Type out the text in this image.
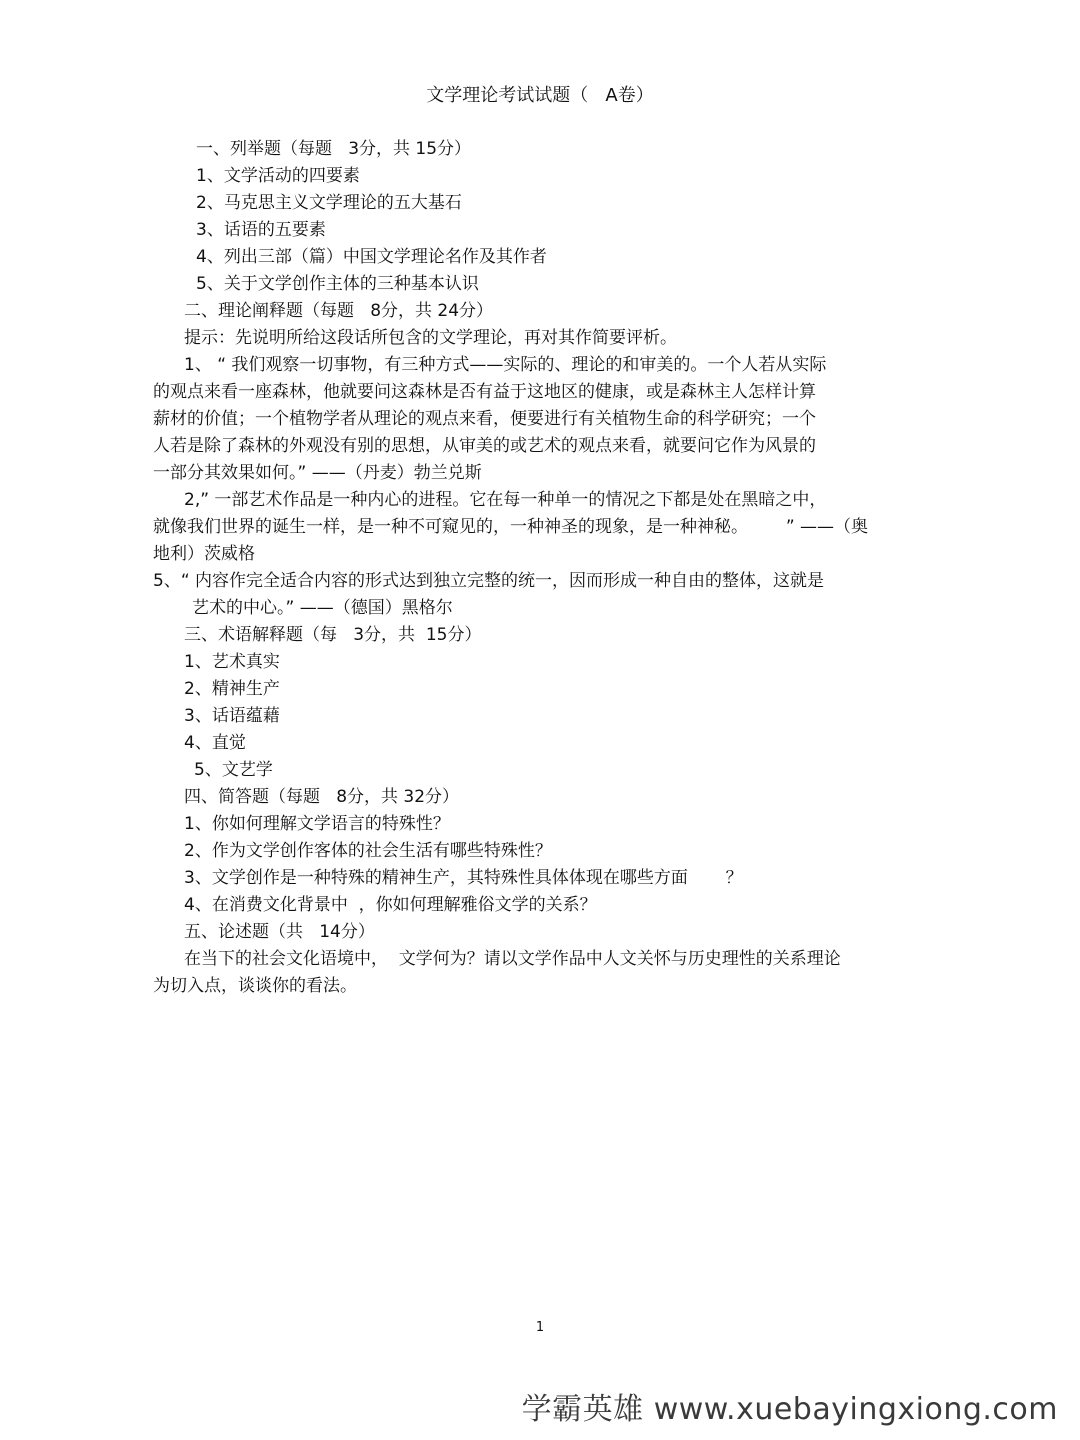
文学理论考试试题（   A卷）
一、列举题（每题   3分，共 15分）
1、文学活动的四要素
2、马克思主义文学理论的五大基石
3、话语的五要素
4、列出三部（篇）中国文学理论名作及其作者
5、关于文学创作主体的三种基本认识
二、理论阐释题（每题   8分，共 24分）
提示：先说明所给这段话所包含的文学理论，再对其作简要评析。
1、 “ 我们观察一切事物，有三种方式——实际的、理论的和审美的。一个人若从实际
的观点来看一座森林，他就要问这森林是否有益于这地区的健康，或是森林主人怎样计算
薪材的价值；一个植物学者从理论的观点来看，便要进行有关植物生命的科学研究；一个
人若是除了森林的外观没有别的思想，从审美的或艺术的观点来看，就要问它作为风景的
一部分其效果如何。” ——（丹麦）勃兰兑斯
2,” 一部艺术作品是一种内心的进程。它在每一种单一的情况之下都是处在黑暗之中，
就像我们世界的诞生一样，是一种不可窥见的，一种神圣的现象，是一种神秘。       ” ——（奥
地利）茨威格
5、“ 内容作完全适合内容的形式达到独立完整的统一，因而形成一种自由的整体，这就是
艺术的中心。” ——（德国）黑格尔
三、术语解释题（每   3分，共  15分）
1、艺术真实
2、精神生产
3、话语蕴藉
4、直觉
5、文艺学
四、简答题（每题   8分，共 32分）
1、你如何理解文学语言的特殊性？
2、作为文学创作客体的社会生活有哪些特殊性？
3、文学创作是一种特殊的精神生产，其特殊性具体体现在哪些方面       ？
4、在消费文化背景中  ，你如何理解雅俗文学的关系？
五、论述题（共   14分）
在当下的社会文化语境中，  文学何为？请以文学作品中人文关怀与历史理性的关系理论
为切入点，谈谈你的看法。
1
学霸英雄 www.xuebayingxiong.com
